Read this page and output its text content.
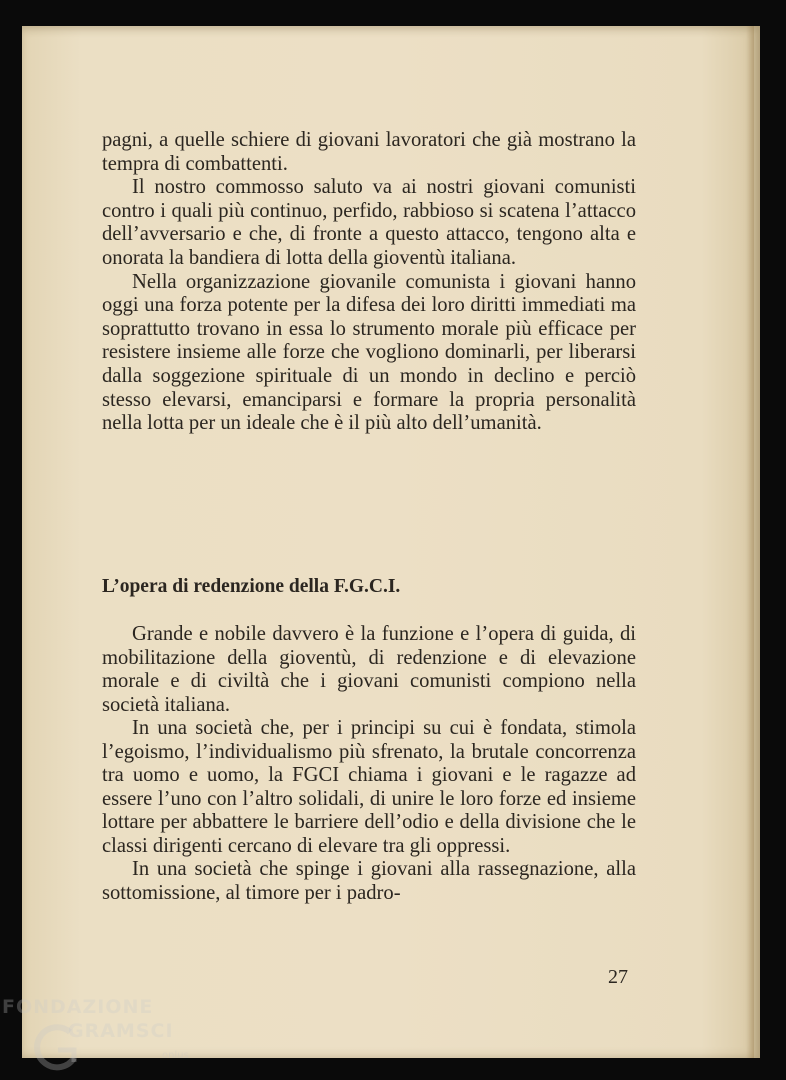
pagni, a quelle schiere di giovani lavoratori che già mostrano la tempra di combattenti.

Il nostro commosso saluto va ai nostri giovani comunisti contro i quali più continuo, perfido, rabbioso si scatena l’attacco dell’avversario e che, di fronte a questo attacco, tengono alta e onorata la bandiera di lotta della gioventù italiana.

Nella organizzazione giovanile comunista i giovani hanno oggi una forza potente per la difesa dei loro diritti immediati ma soprattutto trovano in essa lo strumento morale più efficace per resistere insieme alle forze che vogliono dominarli, per liberarsi dalla soggezione spirituale di un mondo in declino e perciò stesso elevarsi, emanciparsi e formare la propria personalità nella lotta per un ideale che è il più alto dell’umanità.

L’opera di redenzione della F.G.C.I.

Grande e nobile davvero è la funzione e l’opera di guida, di mobilitazione della gioventù, di redenzione e di elevazione morale e di civiltà che i giovani comunisti compiono nella società italiana.

In una società che, per i principi su cui è fondata, stimola l’egoismo, l’individualismo più sfrenato, la brutale concorrenza tra uomo e uomo, la FGCI chiama i giovani e le ragazze ad essere l’uno con l’altro solidali, di unire le loro forze ed insieme lottare per abbattere le barriere dell’odio e della divisione che le classi dirigenti cercano di elevare tra gli oppressi.

In una società che spinge i giovani alla rassegnazione, alla sottomissione, al timore per i padro-

27
FONDAZIONE
GRAMSCI
onlus
